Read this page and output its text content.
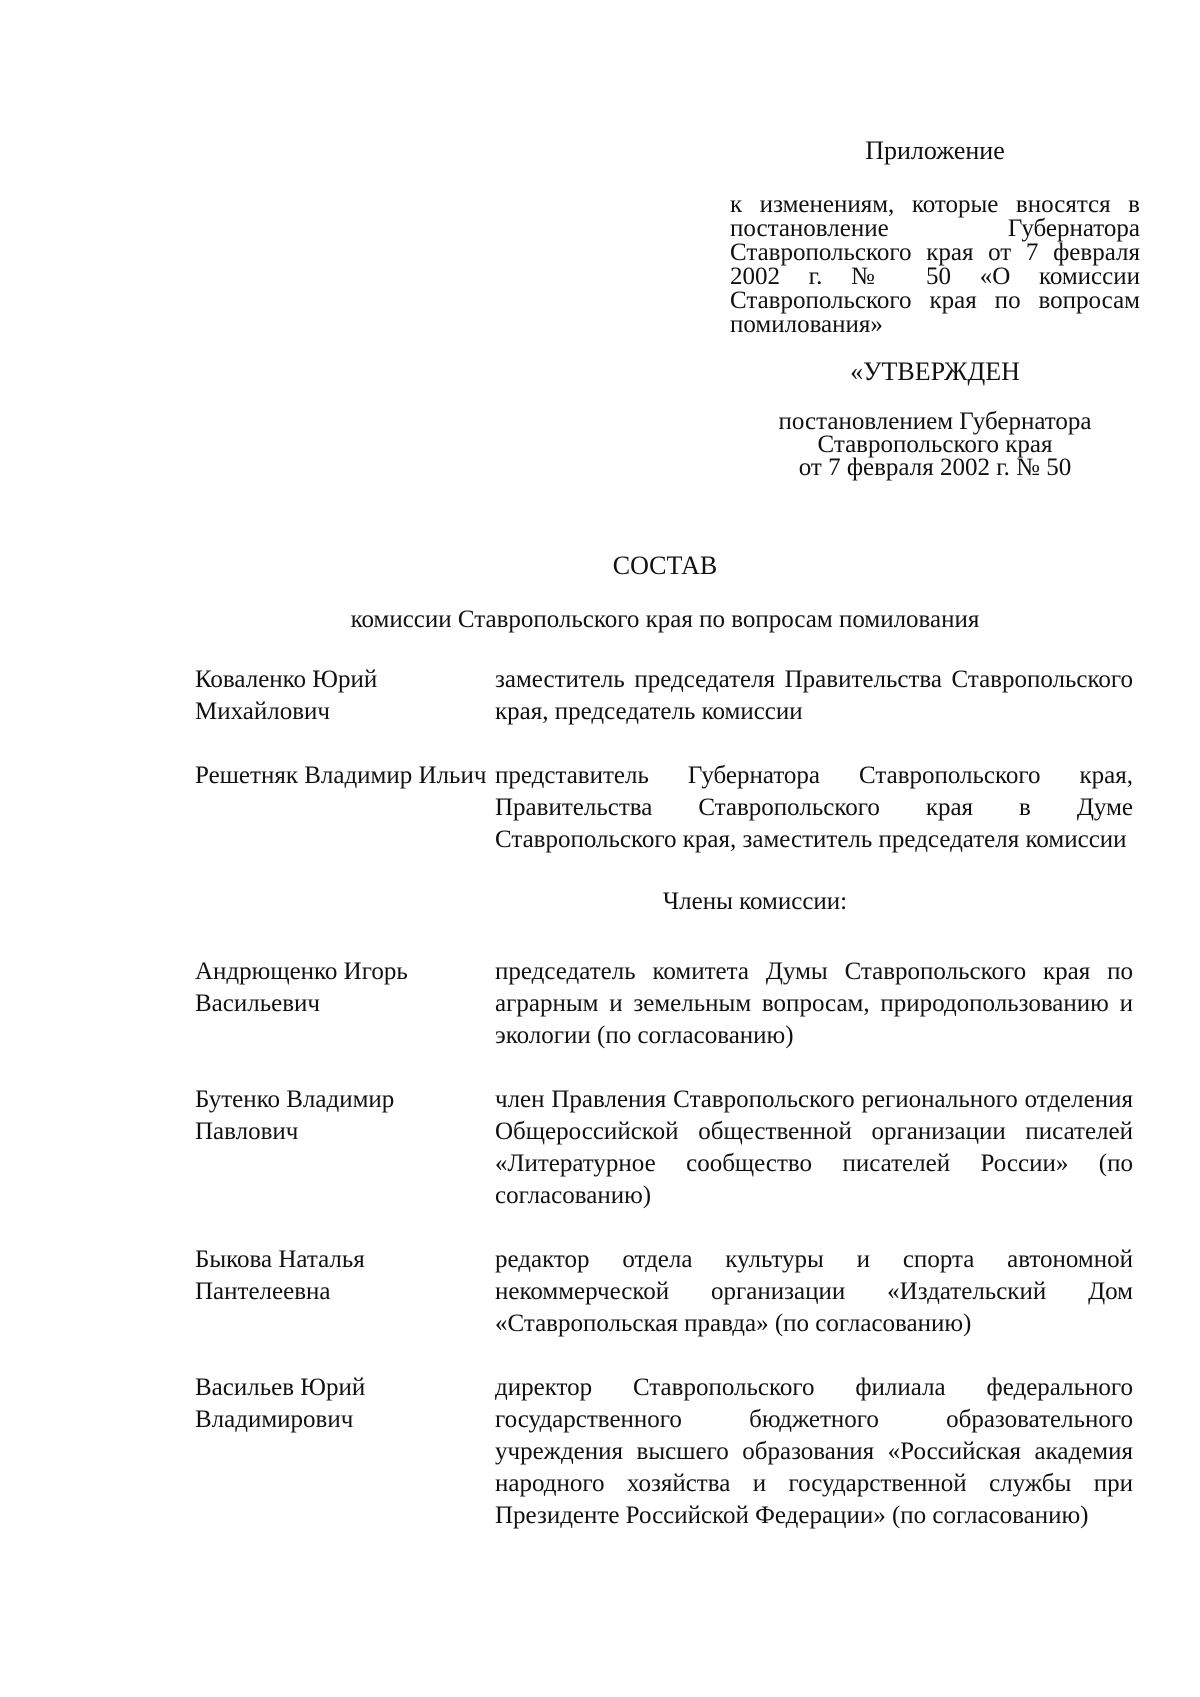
Приложение

к изменениям, которые вносятся в постановление Губернатора Ставропольского края от 7 февраля 2002 г. № 50 «О комиссии Ставропольского края по вопросам помилования»

«УТВЕРЖДЕН

постановлением Губернатора
Ставропольского края
от 7 февраля 2002 г. № 50

СОСТАВ

комиссии Ставропольского края по вопросам помилования

Коваленко Юрий Михайлович
заместитель председателя Правительства Ставропольского края, председатель комиссии
Решетняк Владимир Ильич представитель Губернатора Ставропольского края, Правительства Ставропольского края в Думе Ставропольского края, заместитель председателя комиссии

Члены комиссии:

Андрющенко Игорь Васильевич
председатель комитета Думы Ставропольского края по аграрным и земельным вопросам, природопользованию и экологии (по согласованию)
Бутенко Владимир Павлович
член Правления Ставропольского регионального отделения Общероссийской общественной организации писателей «Литературное сообщество писателей России» (по согласованию)
Быкова Наталья Пантелеевна
редактор отдела культуры и спорта автономной некоммерческой организации «Издательский Дом «Ставропольская правда» (по согласованию)
Васильев Юрий Владимирович
директор Ставропольского филиала федерального государственного бюджетного образовательного учреждения высшего образования «Российская академия народного хозяйства и государственной службы при Президенте Российской Федерации» (по согласованию)
